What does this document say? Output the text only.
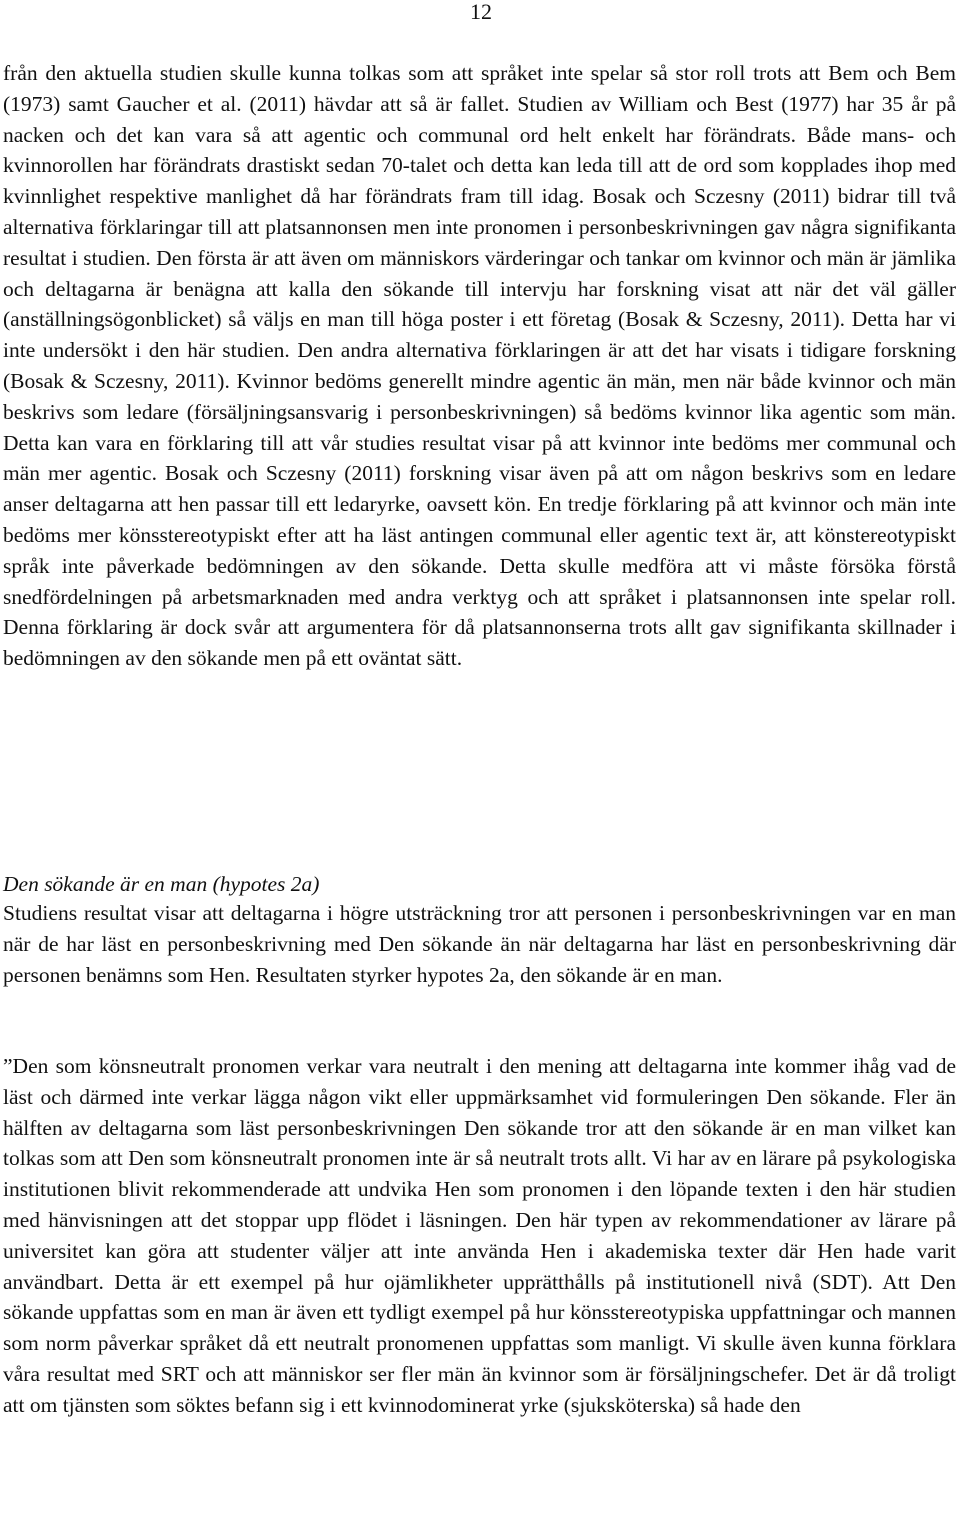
12

från den aktuella studien skulle kunna tolkas som att språket inte spelar så stor roll trots att Bem och Bem (1973) samt Gaucher et al. (2011) hävdar att så är fallet. Studien av William och Best (1977) har 35 år på nacken och det kan vara så att agentic och communal ord helt enkelt har förändrats. Både mans- och kvinnorollen har förändrats drastiskt sedan 70-talet och detta kan leda till att de ord som kopplades ihop med kvinnlighet respektive manlighet då har förändrats fram till idag. Bosak och Sczesny (2011) bidrar till två alternativa förklaringar till att platsannonsen men inte pronomen i personbeskrivningen gav några signifikanta resultat i studien. Den första är att även om människors värderingar och tankar om kvinnor och män är jämlika och deltagarna är benägna att kalla den sökande till intervju har forskning visat att när det väl gäller (anställningsögonblicket) så väljs en man till höga poster i ett företag (Bosak & Sczesny, 2011). Detta har vi inte undersökt i den här studien. Den andra alternativa förklaringen är att det har visats i tidigare forskning (Bosak & Sczesny, 2011). Kvinnor bedöms generellt mindre agentic än män, men när både kvinnor och män beskrivs som ledare (försäljningsansvarig i personbeskrivningen) så bedöms kvinnor lika agentic som män. Detta kan vara en förklaring till att vår studies resultat visar på att kvinnor inte bedöms mer communal och män mer agentic. Bosak och Sczesny (2011) forskning visar även på att om någon beskrivs som en ledare anser deltagarna att hen passar till ett ledaryrke, oavsett kön. En tredje förklaring på att kvinnor och män inte bedöms mer könsstereotypiskt efter att ha läst antingen communal eller agentic text är, att könstereotypiskt språk inte påverkade bedömningen av den sökande. Detta skulle medföra att vi måste försöka förstå snedfördelningen på arbetsmarknaden med andra verktyg och att språket i platsannonsen inte spelar roll. Denna förklaring är dock svår att argumentera för då platsannonserna trots allt gav signifikanta skillnader i bedömningen av den sökande men på ett oväntat sätt.

Den sökande är en man (hypotes 2a)

Studiens resultat visar att deltagarna i högre utsträckning tror att personen i personbeskrivningen var en man när de har läst en personbeskrivning med Den sökande än när deltagarna har läst en personbeskrivning där personen benämns som Hen. Resultaten styrker hypotes 2a, den sökande är en man.

”Den som könsneutralt pronomen verkar vara neutralt i den mening att deltagarna inte kommer ihåg vad de läst och därmed inte verkar lägga någon vikt eller uppmärksamhet vid formuleringen Den sökande. Fler än hälften av deltagarna som läst personbeskrivningen Den sökande tror att den sökande är en man vilket kan tolkas som att Den som könsneutralt pronomen inte är så neutralt trots allt. Vi har av en lärare på psykologiska institutionen blivit rekommenderade att undvika Hen som pronomen i den löpande texten i den här studien med hänvisningen att det stoppar upp flödet i läsningen. Den här typen av rekommendationer av lärare på universitet kan göra att studenter väljer att inte använda Hen i akademiska texter där Hen hade varit användbart. Detta är ett exempel på hur ojämlikheter upprätthålls på institutionell nivå (SDT). Att Den sökande uppfattas som en man är även ett tydligt exempel på hur könsstereotypiska uppfattningar och mannen som norm påverkar språket då ett neutralt pronomenen uppfattas som manligt. Vi skulle även kunna förklara våra resultat med SRT och att människor ser fler män än kvinnor som är försäljningschefer. Det är då troligt att om tjänsten som söktes befann sig i ett kvinnodominerat yrke (sjuksköterska) så hade den
